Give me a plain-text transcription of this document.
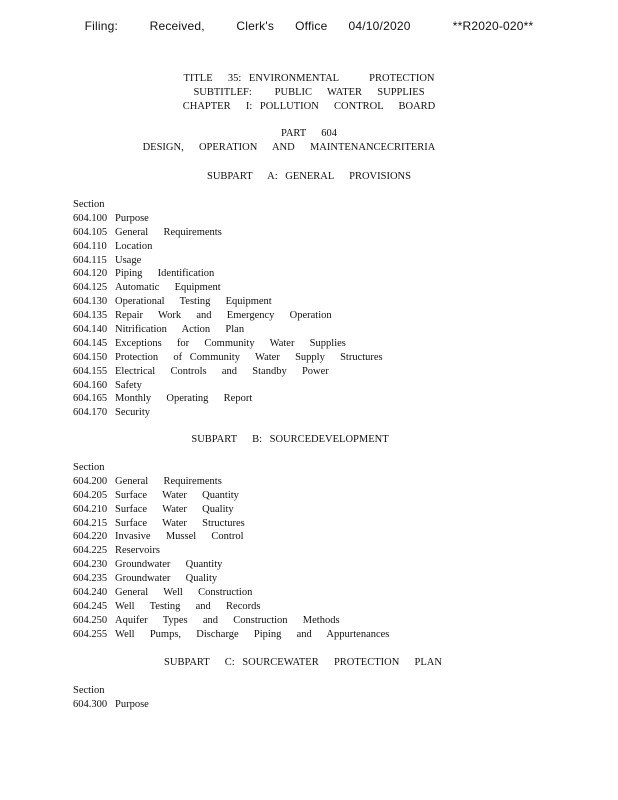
Filing:   Received,   Clerk's  Office  04/10/2020    **R2020-020**
TITLE  35: ENVIRONMENTAL    PROTECTION
SUBTITLEF:   PUBLIC  WATER  SUPPLIES
CHAPTER  I: POLLUTION  CONTROL  BOARD
PART  604
DESIGN,  OPERATION  AND  MAINTENANCECRITERIA
SUBPART  A: GENERAL  PROVISIONS
Section
604.100 Purpose
604.105 General  Requirements
604.110 Location
604.115 Usage
604.120 Piping  Identification
604.125 Automatic  Equipment
604.130 Operational  Testing  Equipment
604.135 Repair  Work  and  Emergency  Operation
604.140 Nitrification  Action  Plan
604.145 Exceptions  for  Community  Water  Supplies
604.150 Protection  of Community  Water  Supply  Structures
604.155 Electrical  Controls  and  Standby  Power
604.160 Safety
604.165 Monthly  Operating  Report
604.170 Security
SUBPART  B: SOURCEDEVELOPMENT
Section
604.200 General  Requirements
604.205 Surface  Water  Quantity
604.210 Surface  Water  Quality
604.215 Surface  Water  Structures
604.220 Invasive  Mussel  Control
604.225 Reservoirs
604.230 Groundwater  Quantity
604.235 Groundwater  Quality
604.240 General  Well  Construction
604.245 Well  Testing  and  Records
604.250 Aquifer  Types  and  Construction  Methods
604.255 Well  Pumps,  Discharge  Piping  and  Appurtenances
SUBPART  C: SOURCEWATER  PROTECTION  PLAN
Section
604.300 Purpose
